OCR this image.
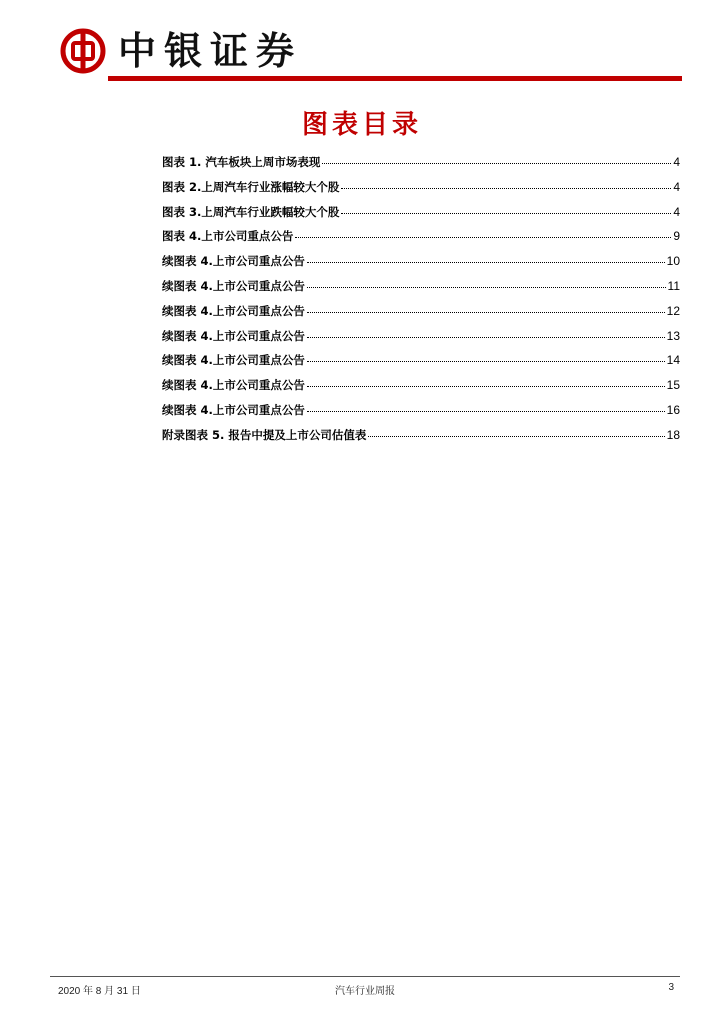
中银证券
图表目录
图表 1. 汽车板块上周市场表现	4
图表 2.上周汽车行业涨幅较大个股	4
图表 3.上周汽车行业跌幅较大个股	4
图表 4.上市公司重点公告	9
续图表 4.上市公司重点公告	10
续图表 4.上市公司重点公告	11
续图表 4.上市公司重点公告	12
续图表 4.上市公司重点公告	13
续图表 4.上市公司重点公告	14
续图表 4.上市公司重点公告	15
续图表 4.上市公司重点公告	16
附录图表 5. 报告中提及上市公司估值表	18
2020 年 8 月 31 日	汽车行业周报	3
